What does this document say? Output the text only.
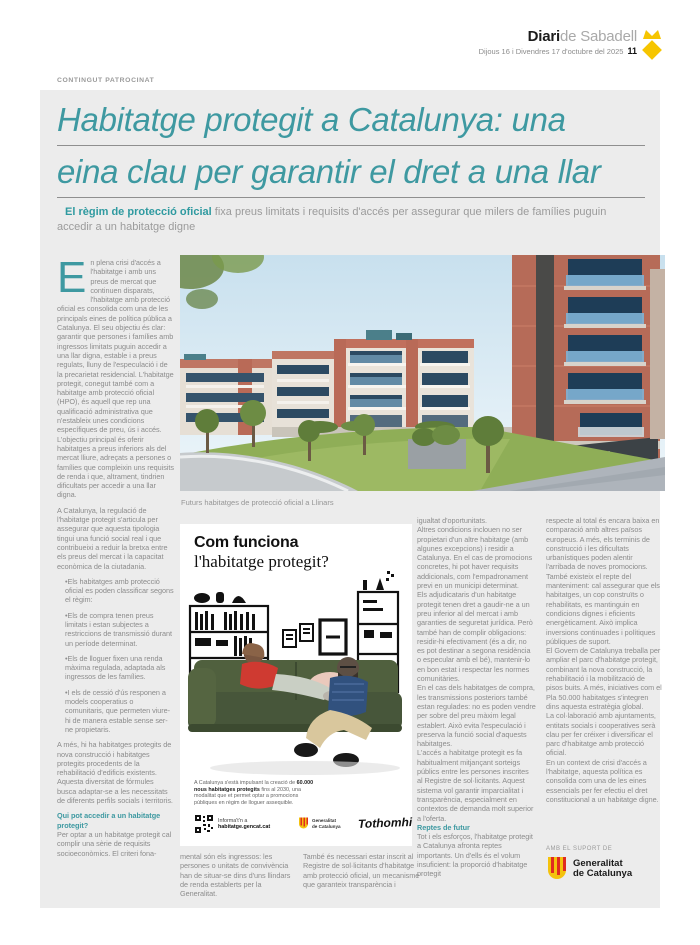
Diaride Sabadell
Dijous 16 i Divendres 17 d'octubre del 2025 11
CONTINGUT PATROCINAT
Habitatge protegit a Catalunya: una
eina clau per garantir el dret a una llar
El règim de protecció oficial fixa preus limitats i requisits d'accés per assegurar que milers de famílies puguin accedir a un habitatge digne
Futurs habitatges de protecció oficial a Llinars

En plena crisi d'accés a l'habitatge i amb uns preus de mercat que continuen disparats, l'habitatge amb protecció oficial es consolida com una de les principals eines de política pública a Catalunya. El seu objectiu és clar: garantir que persones i famílies amb ingressos limitats puguin accedir a una llar digna, estable i a preus regulats, lluny de l'especulació i de la precarietat residencial. L'habitatge protegit, conegut també com a habitatge amb protecció oficial (HPO), és aquell que rep una qualificació administrativa que n'estableix unes condicions específiques de preu, ús i accés. L'objectiu principal és oferir habitatges a preus inferiors als del mercat lliure, adreçats a persones o famílies que compleixin uns requisits de renda i que, altrament, tindrien dificultats per accedir a una llar digna.

A Catalunya, la regulació de l'habitatge protegit s'articula per assegurar que aquesta tipologia tingui una funció social real i que contribueixi a reduir la bretxa entre els preus del mercat i la capacitat econòmica de la ciutadania.

•Els habitatges amb protecció oficial es poden classificar segons el règim:

•Els de compra tenen preus limitats i estan subjectes a restriccions de transmissió durant un període determinat.

•Els de lloguer fixen una renda màxima regulada, adaptada als ingressos de les famílies.

•I els de cessió d'ús responen a models cooperatius o comunitaris, que permeten viure-hi de manera estable sense ser-ne propietaris.

A més, hi ha habitatges protegits de nova construcció i habitatges protegits procedents de la rehabilitació d'edificis existents. Aquesta diversitat de fórmules busca adaptar-se a les necessitats de diferents perfils socials i territoris.

Qui pot accedir a un habitatge protegit?

Per optar a un habitatge protegit cal complir una sèrie de requisits socioeconòmics. El criteri fona-

Com funciona
l'habitatge protegit?
A Catalunya s'està impulsant la creació de 60.000 nous habitatges protegits fins al 2030, una modalitat que et permet optar a promocions públiques en règim de lloguer assequible.
Informa't'n a
habitatge.gencat.cat
Generalitat
de Catalunya Tothomhi

mental són els ingressos: les persones o unitats de convivència han de situar-se dins d'uns llindars de renda establerts per la Generalitat.

També és necessari estar inscrit al Registre de sol·licitants d'habitatge amb protecció oficial, un mecanisme que garanteix transparència i

igualtat d'oportunitats.

Altres condicions inclouen no ser propietari d'un altre habitatge (amb algunes excepcions) i residir a Catalunya. En el cas de promocions concretes, hi pot haver requisits addicionals, com l'empadronament previ en un municipi determinat.

Els adjudicataris d'un habitatge protegit tenen dret a gaudir-ne a un preu inferior al del mercat i amb garanties de seguretat jurídica. Però també han de complir obligacions: residir-hi efectivament (és a dir, no es pot destinar a segona residència o especular amb el bé), mantenir-lo en bon estat i respectar les normes comunitàries.

En el cas dels habitatges de compra, les transmissions posteriors també estan regulades: no es poden vendre per sobre del preu màxim legal establert. Això evita l'especulació i preserva la funció social d'aquests habitatges.

L'accés a habitatge protegit es fa habitualment mitjançant sorteigs públics entre les persones inscrites al Registre de sol·licitants. Aquest sistema vol garantir imparcialitat i transparència, especialment en contextos de demanda molt superior a l'oferta.

Reptes de futur

Tot i els esforços, l'habitatge protegit a Catalunya afronta reptes importants. Un d'ells és el volum insuficient: la proporció d'habitatge protegit

respecte al total és encara baixa en comparació amb altres països europeus. A més, els terminis de construcció i les dificultats urbanístiques poden alentir l'arribada de noves promocions.

També existeix el repte del manteniment: cal assegurar que els habitatges, un cop construïts o rehabilitats, es mantinguin en condicions dignes i eficients energèticament. Això implica inversions continuades i polítiques públiques de suport.

El Govern de Catalunya treballa per ampliar el parc d'habitatge protegit, combinant la nova construcció, la rehabilitació i la mobilització de pisos buits. A més, iniciatives com el Pla 50.000 habitatges s'integren dins aquesta estratègia global.

La col·laboració amb ajuntaments, entitats socials i cooperatives serà clau per fer créixer i diversificar el parc d'habitatge amb protecció oficial.

En un context de crisi d'accés a l'habitatge, aquesta política es consolida com una de les eines essencials per fer efectiu el dret constitucional a un habitatge digne.

AMB EL SUPORT DE
Generalitat
de Catalunya
